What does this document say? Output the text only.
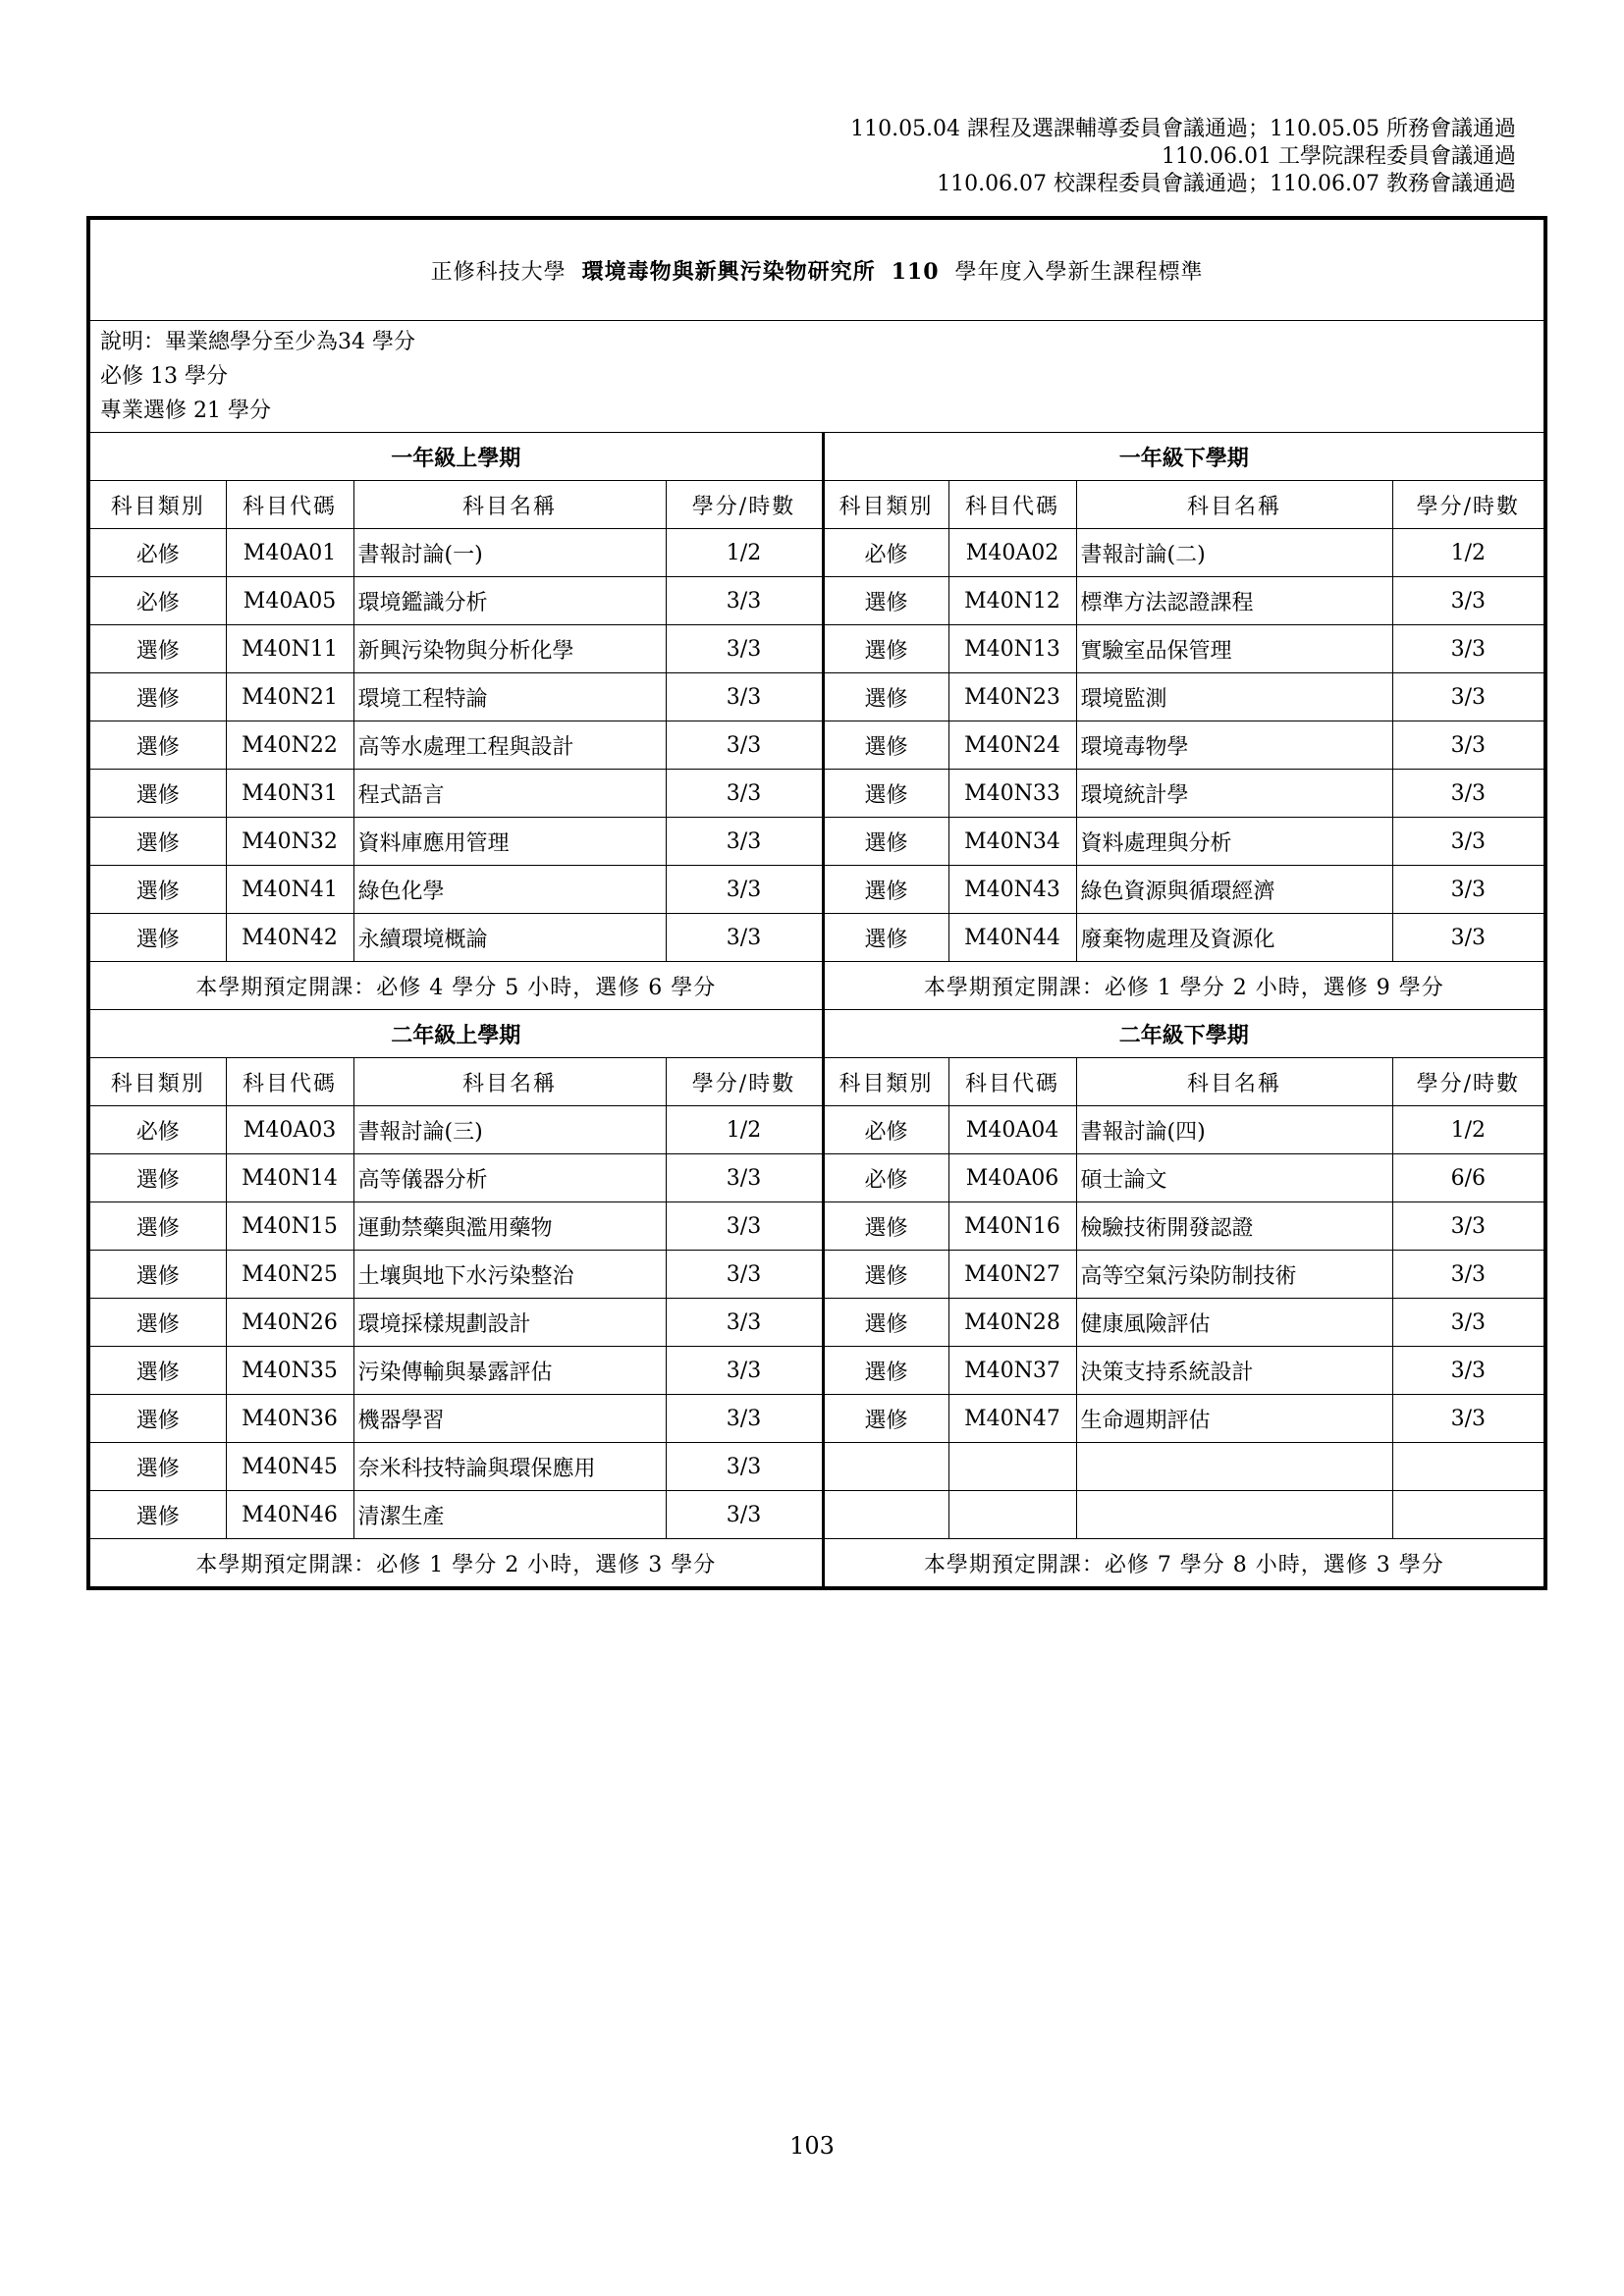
110.05.04 課程及選課輔導委員會議通過；110.05.05 所務會議通過
110.06.01 工學院課程委員會議通過
110.06.07 校課程委員會議通過；110.06.07 教務會議通過
正修科技大學 環境毒物與新興污染物研究所 110 學年度入學新生課程標準							

說明：畢業總學分至少為34 學分
必修 13 學分
專業選修 21 學分							

一年級上學期				一年級下學期			
科目類別	科目代碼	科目名稱	學分/時數	科目類別	科目代碼	科目名稱	學分/時數
必修	M40A01	書報討論(一)	1/2	必修	M40A02	書報討論(二)	1/2
必修	M40A05	環境鑑識分析	3/3	選修	M40N12	標準方法認證課程	3/3
選修	M40N11	新興污染物與分析化學	3/3	選修	M40N13	實驗室品保管理	3/3
選修	M40N21	環境工程特論	3/3	選修	M40N23	環境監測	3/3
選修	M40N22	高等水處理工程與設計	3/3	選修	M40N24	環境毒物學	3/3
選修	M40N31	程式語言	3/3	選修	M40N33	環境統計學	3/3
選修	M40N32	資料庫應用管理	3/3	選修	M40N34	資料處理與分析	3/3
選修	M40N41	綠色化學	3/3	選修	M40N43	綠色資源與循環經濟	3/3
選修	M40N42	永續環境概論	3/3	選修	M40N44	廢棄物處理及資源化	3/3
本學期預定開課：必修 4 學分 5 小時，選修 6 學分				本學期預定開課：必修 1 學分 2 小時，選修 9 學分			
二年級上學期				二年級下學期			
科目類別	科目代碼	科目名稱	學分/時數	科目類別	科目代碼	科目名稱	學分/時數
必修	M40A03	書報討論(三)	1/2	必修	M40A04	書報討論(四)	1/2
選修	M40N14	高等儀器分析	3/3	必修	M40A06	碩士論文	6/6
選修	M40N15	運動禁藥與濫用藥物	3/3	選修	M40N16	檢驗技術開發認證	3/3
選修	M40N25	土壤與地下水污染整治	3/3	選修	M40N27	高等空氣污染防制技術	3/3
選修	M40N26	環境採樣規劃設計	3/3	選修	M40N28	健康風險評估	3/3
選修	M40N35	污染傳輸與暴露評估	3/3	選修	M40N37	決策支持系統設計	3/3
選修	M40N36	機器學習	3/3	選修	M40N47	生命週期評估	3/3
選修	M40N45	奈米科技特論與環保應用	3/3				
選修	M40N46	清潔生產	3/3				
本學期預定開課：必修 1 學分 2 小時，選修 3 學分				本學期預定開課：必修 7 學分 8 小時，選修 3 學分			
103
